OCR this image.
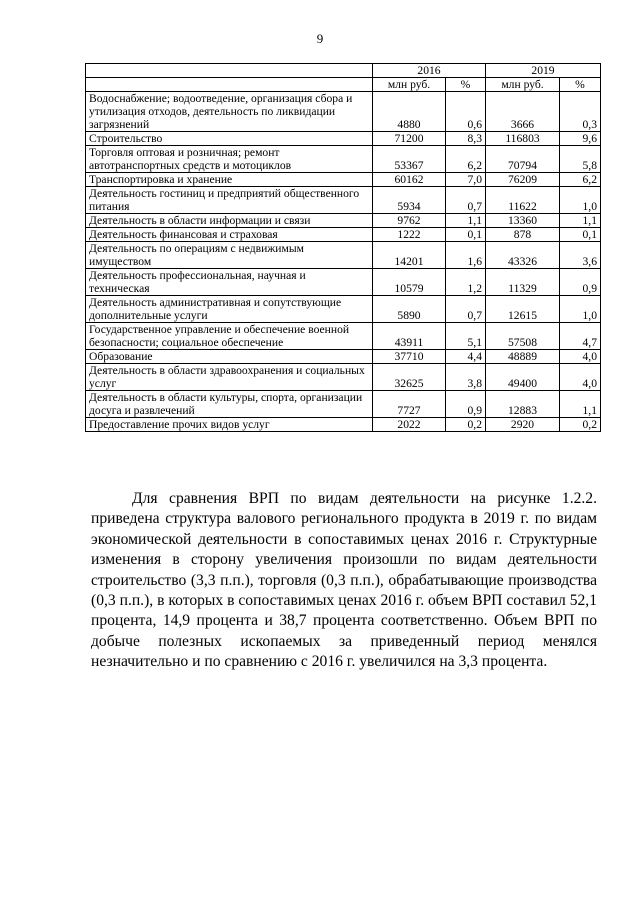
9
	2016		2019	
	млн руб.	%	млн руб.	%
Водоснабжение; водоотведение, организация сбора и утилизация отходов, деятельность по ликвидации загрязнений	4880	0,6	3666	0,3
Строительство	71200	8,3	116803	9,6
Торговля оптовая и розничная; ремонт автотранспортных средств и мотоциклов	53367	6,2	70794	5,8
Транспортировка и хранение	60162	7,0	76209	6,2
Деятельность гостиниц и предприятий общественного питания	5934	0,7	11622	1,0
Деятельность в области информации и связи	9762	1,1	13360	1,1
Деятельность финансовая и страховая	1222	0,1	878	0,1
Деятельность по операциям с недвижимым имуществом	14201	1,6	43326	3,6
Деятельность профессиональная, научная и техническая	10579	1,2	11329	0,9
Деятельность административная и сопутствующие дополнительные услуги	5890	0,7	12615	1,0
Государственное управление и обеспечение военной безопасности; социальное обеспечение	43911	5,1	57508	4,7
Образование	37710	4,4	48889	4,0
Деятельность в области здравоохранения и социальных услуг	32625	3,8	49400	4,0
Деятельность в области культуры, спорта, организации досуга и развлечений	7727	0,9	12883	1,1
Предоставление прочих видов услуг	2022	0,2	2920	0,2

Для сравнения ВРП по видам деятельности на рисунке 1.2.2. приведена структура валового регионального продукта в 2019 г. по видам экономической деятельности в сопоставимых ценах 2016 г. Структурные изменения в сторону увеличения произошли по видам деятельности строительство (3,3 п.п.), торговля (0,3 п.п.), обрабатывающие производства (0,3 п.п.), в которых в сопоставимых ценах 2016 г. объем ВРП составил 52,1 процента, 14,9 процента и 38,7 процента соответственно. Объем ВРП по добыче полезных ископаемых за приведенный период менялся незначительно и по сравнению с 2016 г. увеличился на 3,3 процента.
